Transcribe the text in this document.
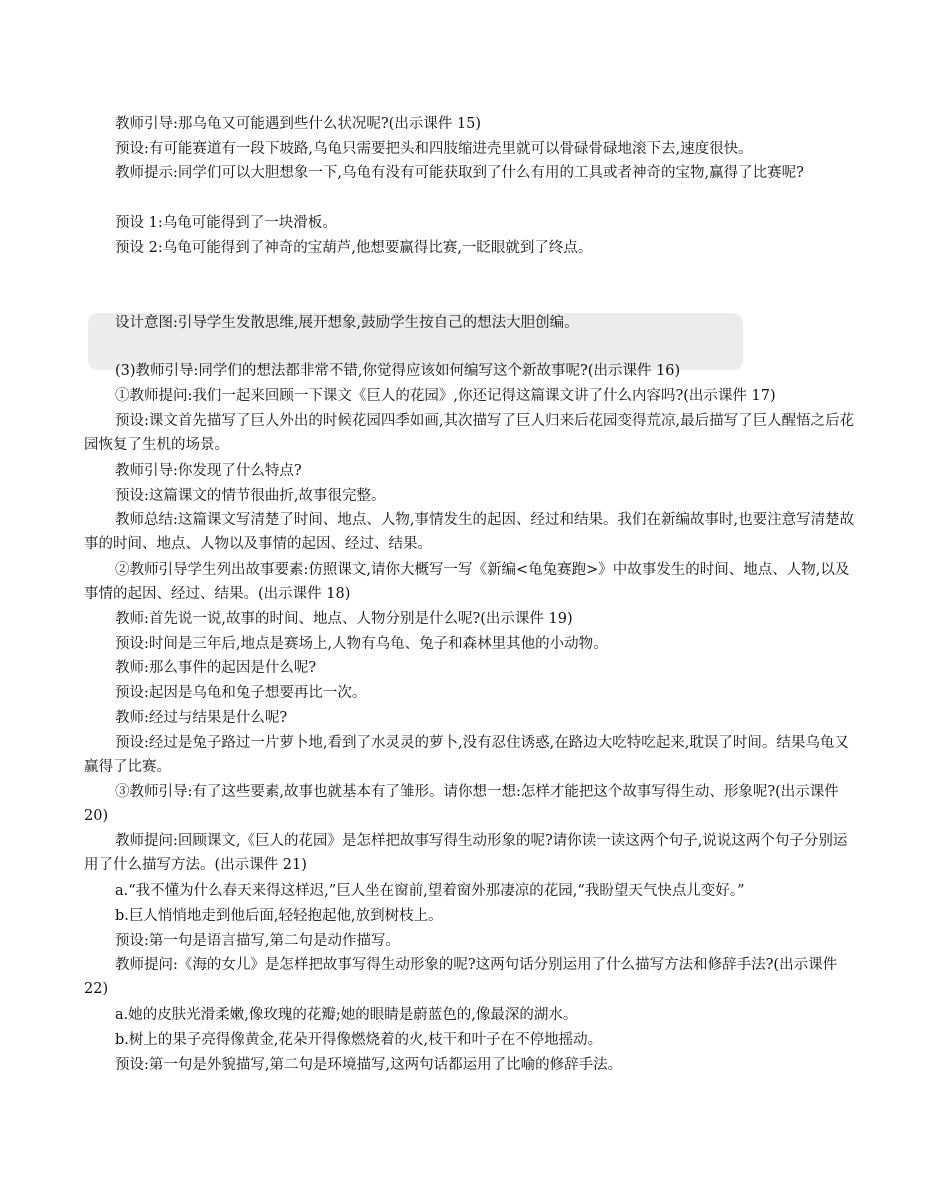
教师引导:那乌龟又可能遇到些什么状况呢?(出示课件 15)
预设:有可能赛道有一段下坡路,乌龟只需要把头和四肢缩进壳里就可以骨碌骨碌地滚下去,速度很快。
教师提示:同学们可以大胆想象一下,乌龟有没有可能获取到了什么有用的工具或者神奇的宝物,赢得了比赛呢?
预设 1:乌龟可能得到了一块滑板。
预设 2:乌龟可能得到了神奇的宝葫芦,他想要赢得比赛,一眨眼就到了终点。
设计意图:引导学生发散思维,展开想象,鼓励学生按自己的想法大胆创编。
(3)教师引导:同学们的想法都非常不错,你觉得应该如何编写这个新故事呢?(出示课件 16)
①教师提问:我们一起来回顾一下课文《巨人的花园》,你还记得这篇课文讲了什么内容吗?(出示课件 17)
预设:课文首先描写了巨人外出的时候花园四季如画,其次描写了巨人归来后花园变得荒凉,最后描写了巨人醒悟之后花园恢复了生机的场景。
教师引导:你发现了什么特点?
预设:这篇课文的情节很曲折,故事很完整。
教师总结:这篇课文写清楚了时间、地点、人物,事情发生的起因、经过和结果。我们在新编故事时,也要注意写清楚故事的时间、地点、人物以及事情的起因、经过、结果。
②教师引导学生列出故事要素:仿照课文,请你大概写一写《新编<龟兔赛跑>》中故事发生的时间、地点、人物,以及事情的起因、经过、结果。(出示课件 18)
教师:首先说一说,故事的时间、地点、人物分别是什么呢?(出示课件 19)
预设:时间是三年后,地点是赛场上,人物有乌龟、兔子和森林里其他的小动物。
教师:那么事件的起因是什么呢?
预设:起因是乌龟和兔子想要再比一次。
教师:经过与结果是什么呢?
预设:经过是兔子路过一片萝卜地,看到了水灵灵的萝卜,没有忍住诱惑,在路边大吃特吃起来,耽误了时间。结果乌龟又赢得了比赛。
③教师引导:有了这些要素,故事也就基本有了雏形。请你想一想:怎样才能把这个故事写得生动、形象呢?(出示课件 20)
教师提问:回顾课文,《巨人的花园》是怎样把故事写得生动形象的呢?请你读一读这两个句子,说说这两个句子分别运用了什么描写方法。(出示课件 21)
a.“我不懂为什么春天来得这样迟,”巨人坐在窗前,望着窗外那凄凉的花园,“我盼望天气快点儿变好。”
b.巨人悄悄地走到他后面,轻轻抱起他,放到树枝上。
预设:第一句是语言描写,第二句是动作描写。
教师提问:《海的女儿》是怎样把故事写得生动形象的呢?这两句话分别运用了什么描写方法和修辞手法?(出示课件 22)
a.她的皮肤光滑柔嫩,像玫瑰的花瓣;她的眼睛是蔚蓝色的,像最深的湖水。
b.树上的果子亮得像黄金,花朵开得像燃烧着的火,枝干和叶子在不停地摇动。
预设:第一句是外貌描写,第二句是环境描写,这两句话都运用了比喻的修辞手法。
